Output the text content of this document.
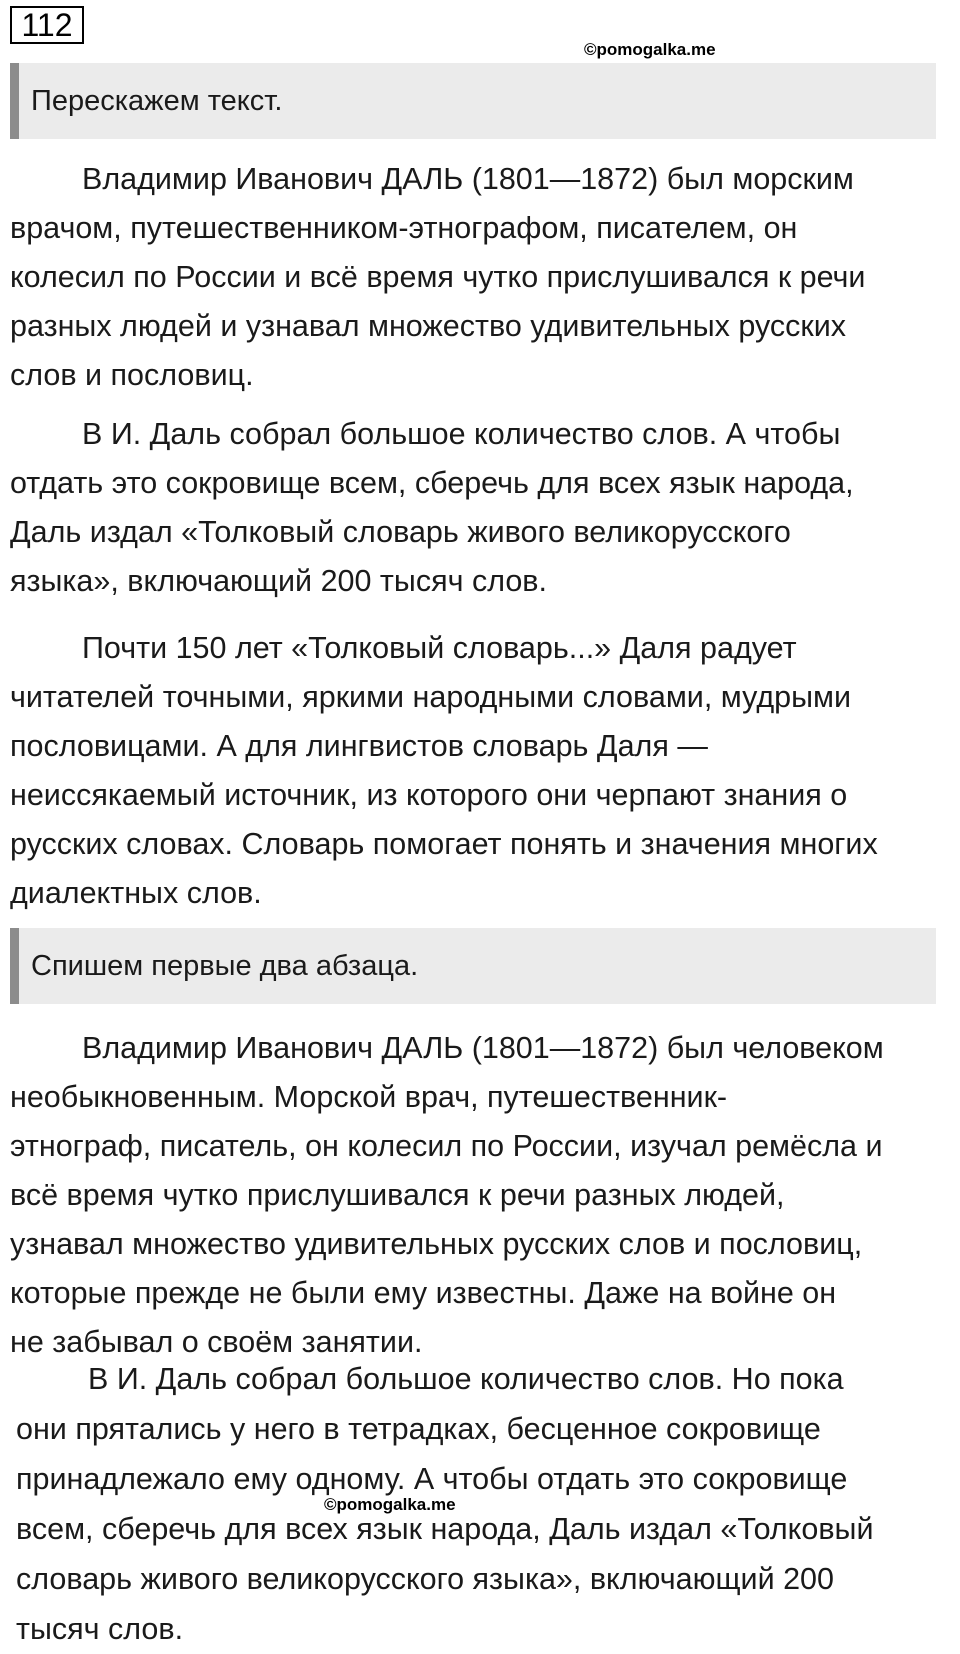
112
©pomogalka.me
Перескажем текст.
Владимир Иванович ДАЛЬ (1801—1872) был морским
врачом, путешественником-этнографом, писателем, он
колесил по России и всё время чутко прислушивался к речи
разных людей и узнавал множество удивительных русских
слов и пословиц.
В И. Даль собрал большое количество слов. А чтобы
отдать это сокровище всем, сберечь для всех язык народа,
Даль издал «Толковый словарь живого великорусского
языка», включающий 200 тысяч слов.
Почти 150 лет «Толковый словарь...» Даля радует
читателей точными, яркими народными словами, мудрыми
пословицами. А для лингвистов словарь Даля —
неиссякаемый источник, из которого они черпают знания о
русских словах. Словарь помогает понять и значения многих
диалектных слов.
Спишем первые два абзаца.
Владимир Иванович ДАЛЬ (1801—1872) был человеком
необыкновенным. Морской врач, путешественник-
этнограф, писатель, он колесил по России, изучал ремёсла и
всё время чутко прислушивался к речи разных людей,
узнавал множество удивительных русских слов и пословиц,
которые прежде не были ему известны. Даже на войне он
не забывал о своём занятии.
В И. Даль собрал большое количество слов. Но пока
они прятались у него в тетрадках, бесценное сокровище
принадлежало ему одному. А чтобы отдать это сокровище
всем, сберечь для всех язык народа, Даль издал «Толковый
словарь живого великорусского языка», включающий 200
тысяч слов.
©pomogalka.me
